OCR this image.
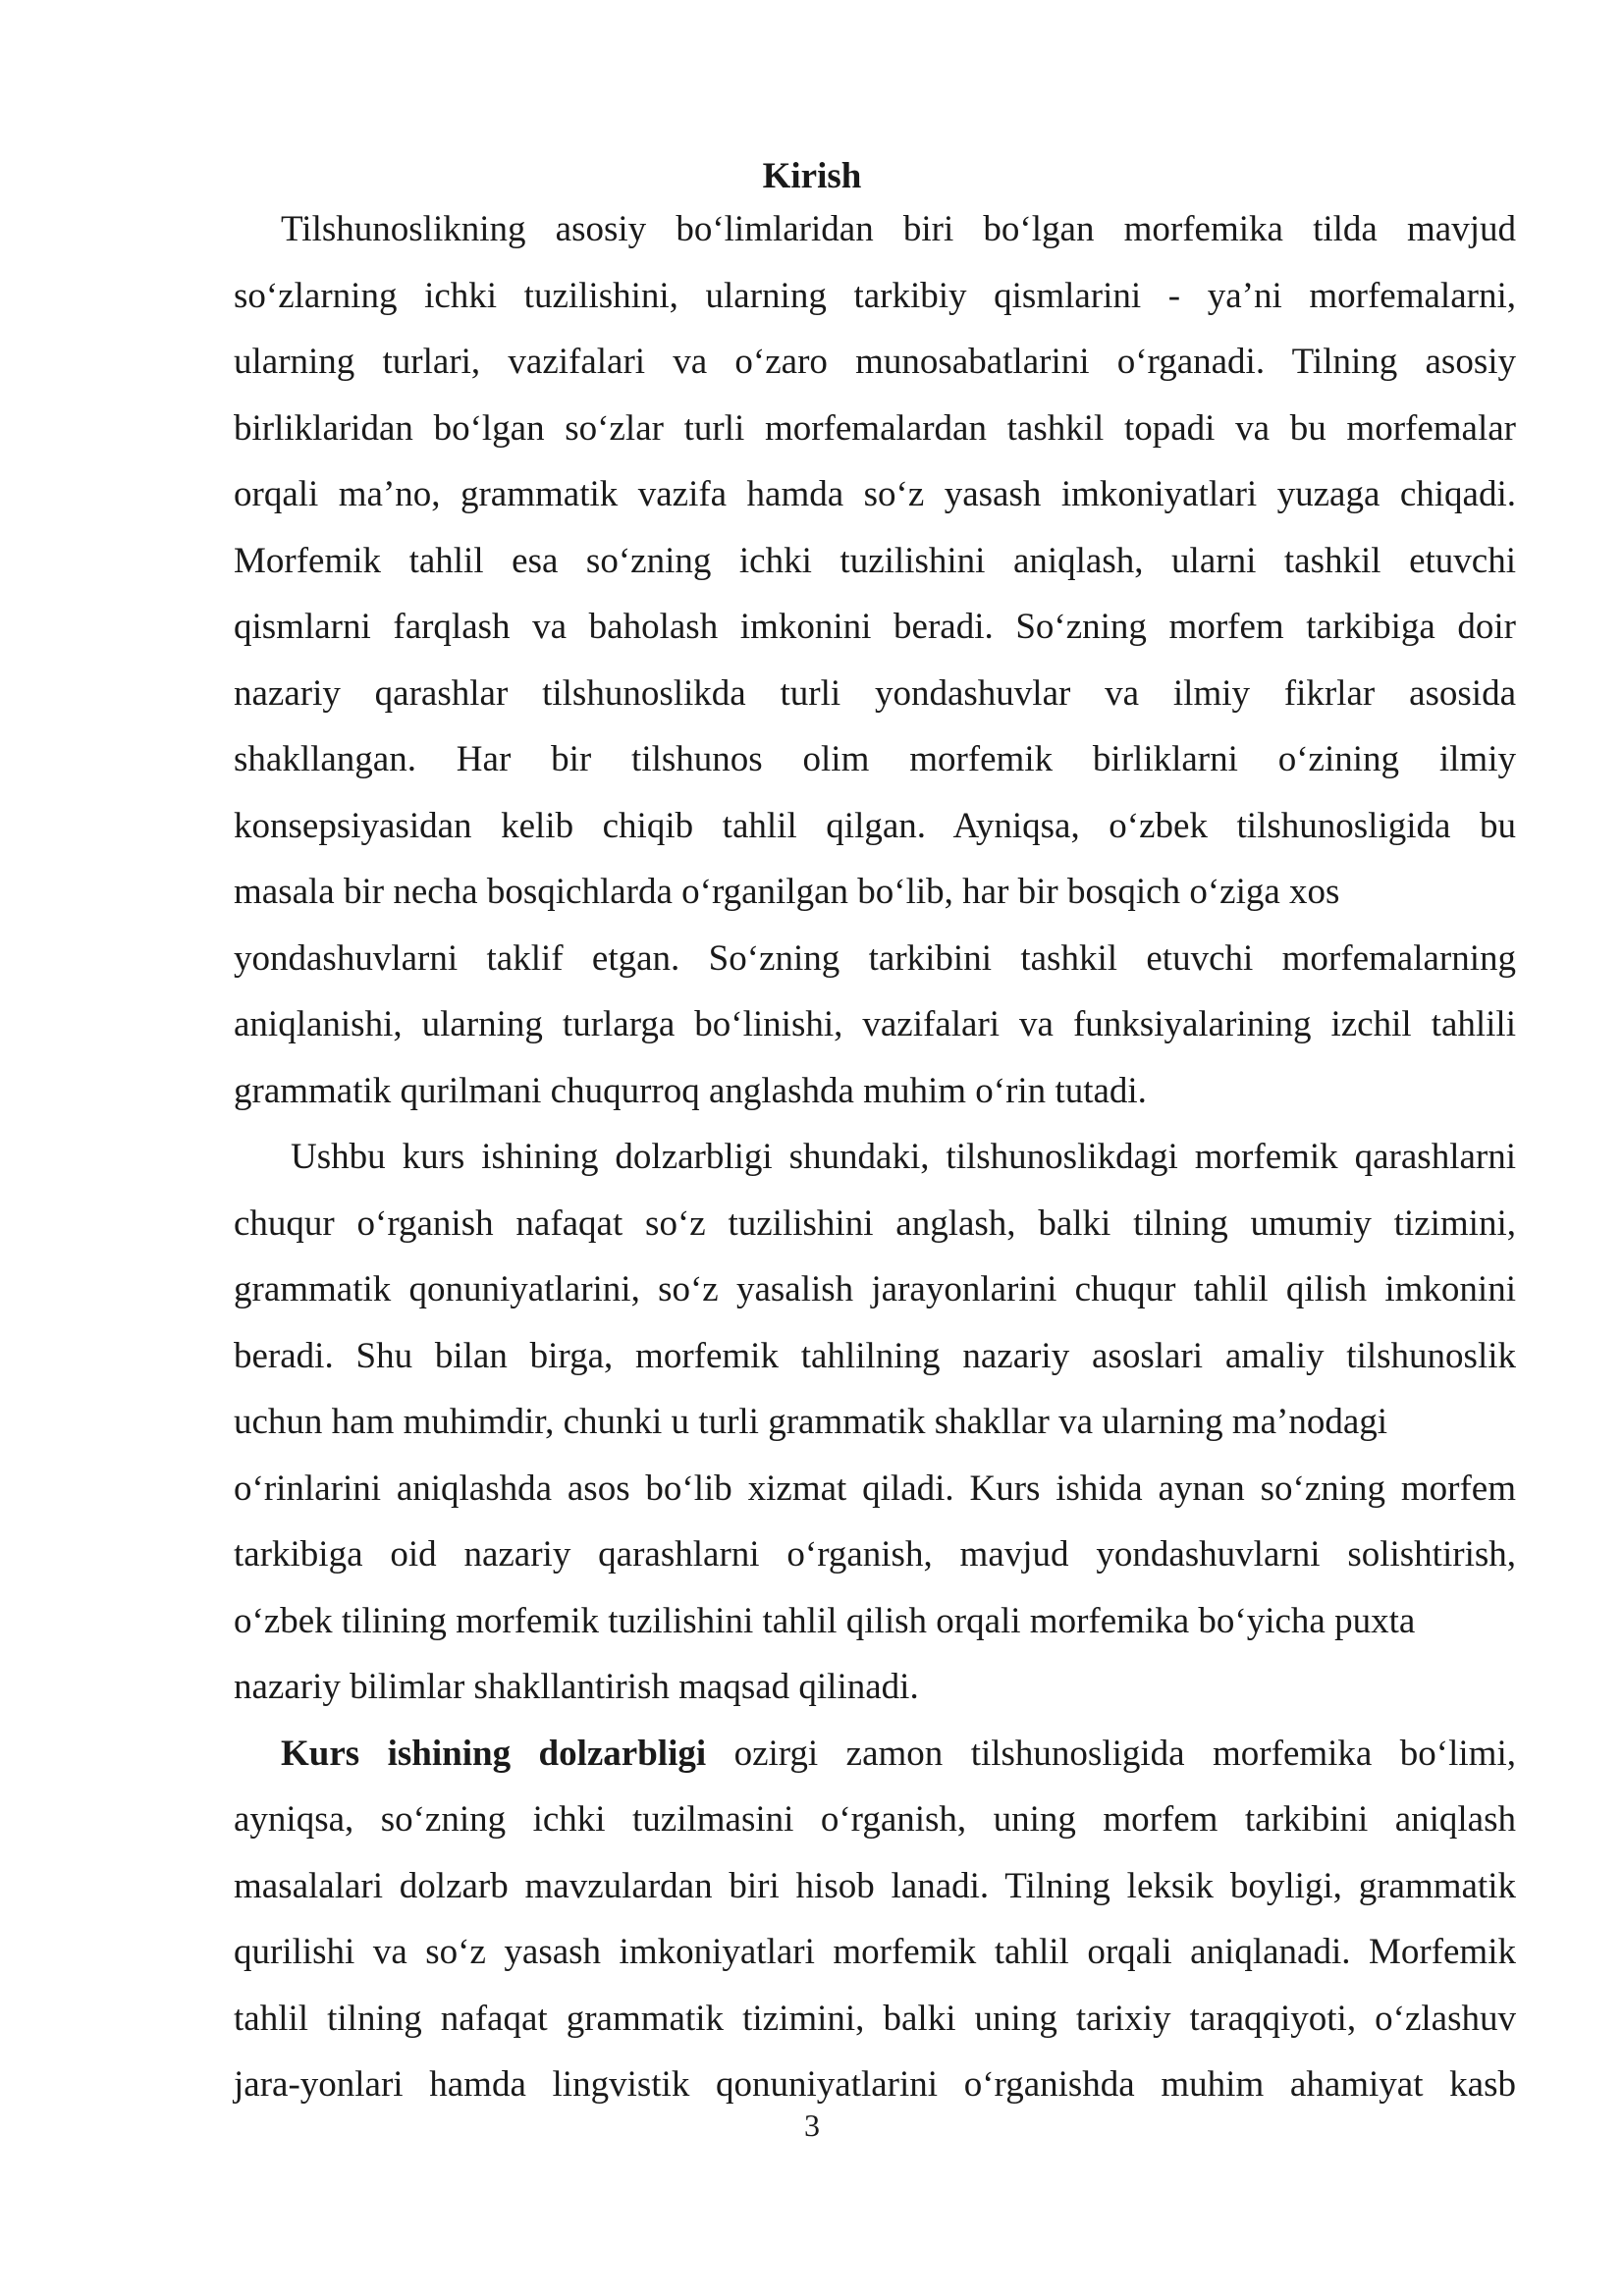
Kirish
Tilshunoslikning asosiy bo‘limlaridan biri bo‘lgan morfemika tilda mavjud
so‘zlarning ichki tuzilishini, ularning tarkibiy qismlarini - ya’ni morfemalarni,
ularning turlari, vazifalari va o‘zaro munosabatlarini o‘rganadi. Tilning asosiy
birliklaridan bo‘lgan so‘zlar turli morfemalardan tashkil topadi va bu morfemalar
orqali ma’no, grammatik vazifa hamda so‘z yasash imkoniyatlari yuzaga chiqadi.
Morfemik tahlil esa so‘zning ichki tuzilishini aniqlash, ularni tashkil etuvchi
qismlarni farqlash va baholash imkonini beradi. So‘zning morfem tarkibiga doir
nazariy qarashlar tilshunoslikda turli yondashuvlar va ilmiy fikrlar asosida
shakllangan. Har bir tilshunos olim morfemik birliklarni o‘zining ilmiy
konsepsiyasidan kelib chiqib tahlil qilgan. Ayniqsa, o‘zbek tilshunosligida bu
masala bir necha bosqichlarda o‘rganilgan bo‘lib, har bir bosqich o‘ziga xos
yondashuvlarni taklif etgan. So‘zning tarkibini tashkil etuvchi morfemalarning
aniqlanishi, ularning turlarga bo‘linishi, vazifalari va funksiyalarining izchil tahlili
grammatik qurilmani chuqurroq anglashda muhim o‘rin tutadi.
Ushbu kurs ishining dolzarbligi shundaki, tilshunoslikdagi morfemik qarashlarni
chuqur o‘rganish nafaqat so‘z tuzilishini anglash, balki tilning umumiy tizimini,
grammatik qonuniyatlarini, so‘z yasalish jarayonlarini chuqur tahlil qilish imkonini
beradi. Shu bilan birga, morfemik tahlilning nazariy asoslari amaliy tilshunoslik
uchun ham muhimdir, chunki u turli grammatik shakllar va ularning ma’nodagi
o‘rinlarini aniqlashda asos bo‘lib xizmat qiladi. Kurs ishida aynan so‘zning morfem
tarkibiga oid nazariy qarashlarni o‘rganish, mavjud yondashuvlarni solishtirish,
o‘zbek tilining morfemik tuzilishini tahlil qilish orqali morfemika bo‘yicha puxta
nazariy bilimlar shakllantirish maqsad qilinadi.
Kurs ishining dolzarbligi ozirgi zamon tilshunosligida morfemika bo‘limi,
ayniqsa, so‘zning ichki tuzilmasini o‘rganish, uning morfem tarkibini aniqlash
masalalari dolzarb mavzulardan biri hisob lanadi. Tilning leksik boyligi, grammatik
qurilishi va so‘z yasash imkoniyatlari morfemik tahlil orqali aniqlanadi. Morfemik
tahlil tilning nafaqat grammatik tizimini, balki uning tarixiy taraqqiyoti, o‘zlashuv
jara-yonlari hamda lingvistik qonuniyatlarini o‘rganishda muhim ahamiyat kasb

3
